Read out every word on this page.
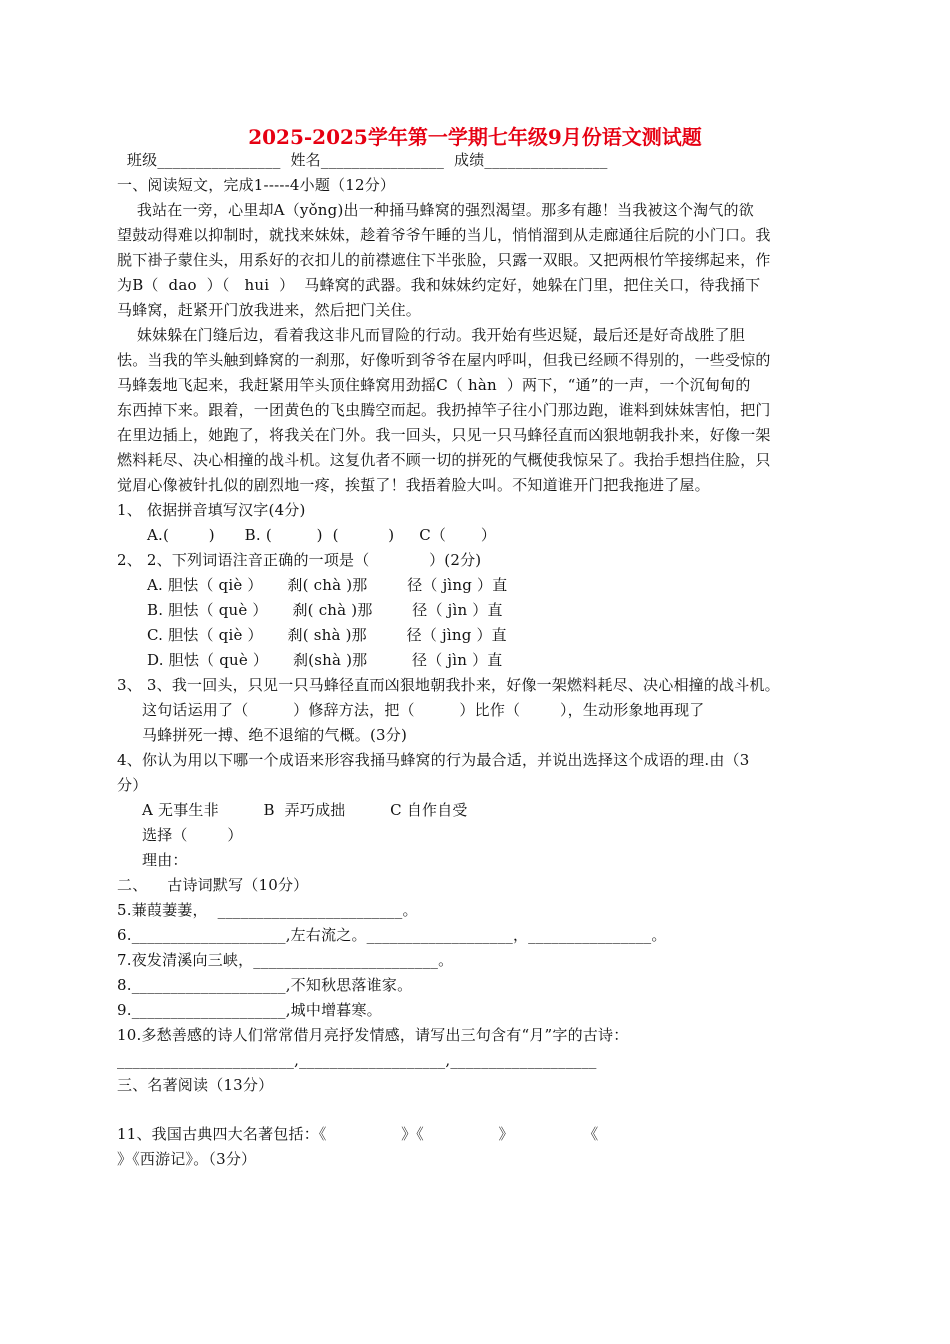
2025-2025学年第一学期七年级9月份语文测试题
班级________________  姓名________________  成绩________________
一、阅读短文，完成1-----4小题（12分）
我站在一旁，心里却A（yǒng)出一种捅马蜂窝的强烈渴望。那多有趣！当我被这个淘气的欲
望鼓动得难以抑制时，就找来妹妹，趁着爷爷午睡的当儿，悄悄溜到从走廊通往后院的小门口。我
脱下褂子蒙住头，用系好的衣扣儿的前襟遮住下半张脸，只露一双眼。又把两根竹竿接绑起来，作
为B（  dao  ）（   hui  ）  马蜂窝的武器。我和妹妹约定好，她躲在门里，把住关口，待我捅下
马蜂窝，赶紧开门放我进来，然后把门关住。
妹妹躲在门缝后边，看着我这非凡而冒险的行动。我开始有些迟疑，最后还是好奇战胜了胆
怯。当我的竿头触到蜂窝的一刹那，好像听到爷爷在屋内呼叫，但我已经顾不得别的，一些受惊的
马蜂轰地飞起来，我赶紧用竿头顶住蜂窝用劲摇C（ hàn  ）两下，“通”的一声，一个沉甸甸的
东西掉下来。跟着，一团黄色的飞虫腾空而起。我扔掉竿子往小门那边跑，谁料到妹妹害怕，把门
在里边插上，她跑了，将我关在门外。我一回头，只见一只马蜂径直而凶狠地朝我扑来，好像一架
燃料耗尽、决心相撞的战斗机。这复仇者不顾一切的拼死的气概使我惊呆了。我抬手想挡住脸，只
觉眉心像被针扎似的剧烈地一疼，挨蜇了！我捂着脸大叫。不知道谁开门把我拖进了屋。
1、 依据拼音填写汉字(4分)
A.(        )      B. (         )  (          )     C（       ）
2、 2、下列词语注音正确的一项是（            ）(2分)
A. 胆怯（ qiè ）     刹( chà )那        径（ jìng ）直
B. 胆怯（ què ）     刹( chà )那        径（ jìn ）直
C. 胆怯（ qiè ）     刹( shà )那        径（ jìng ）直
D. 胆怯（ què ）     刹(shà )那         径（ jìn ）直
3、 3、我一回头，只见一只马蜂径直而凶狠地朝我扑来，好像一架燃料耗尽、决心相撞的战斗机。
这句话运用了（         ）修辞方法，把（         ）比作（        ），生动形象地再现了
马蜂拼死一搏、绝不退缩的气概。(3分)
4、你认为用以下哪一个成语来形容我捅马蜂窝的行为最合适，并说出选择这个成语的理.由（3
分）
A 无事生非         B  弄巧成拙         C 自作自受
选择（        ）
理由：
二、    古诗词默写（10分）
5.蒹葭萋萋，  ________________________。
6.____________________,左右流之。___________________，________________。
7.夜发清溪向三峡，________________________。
8.____________________,不知秋思落谁家。
9.____________________,城中增暮寒。
10.多愁善感的诗人们常常借月亮抒发情感，请写出三句含有“月”字的古诗：
_______________________,___________________,___________________
三、名著阅读（13分）
11、我国古典四大名著包括：《               》《               》              《
》《西游记》。（3分）
